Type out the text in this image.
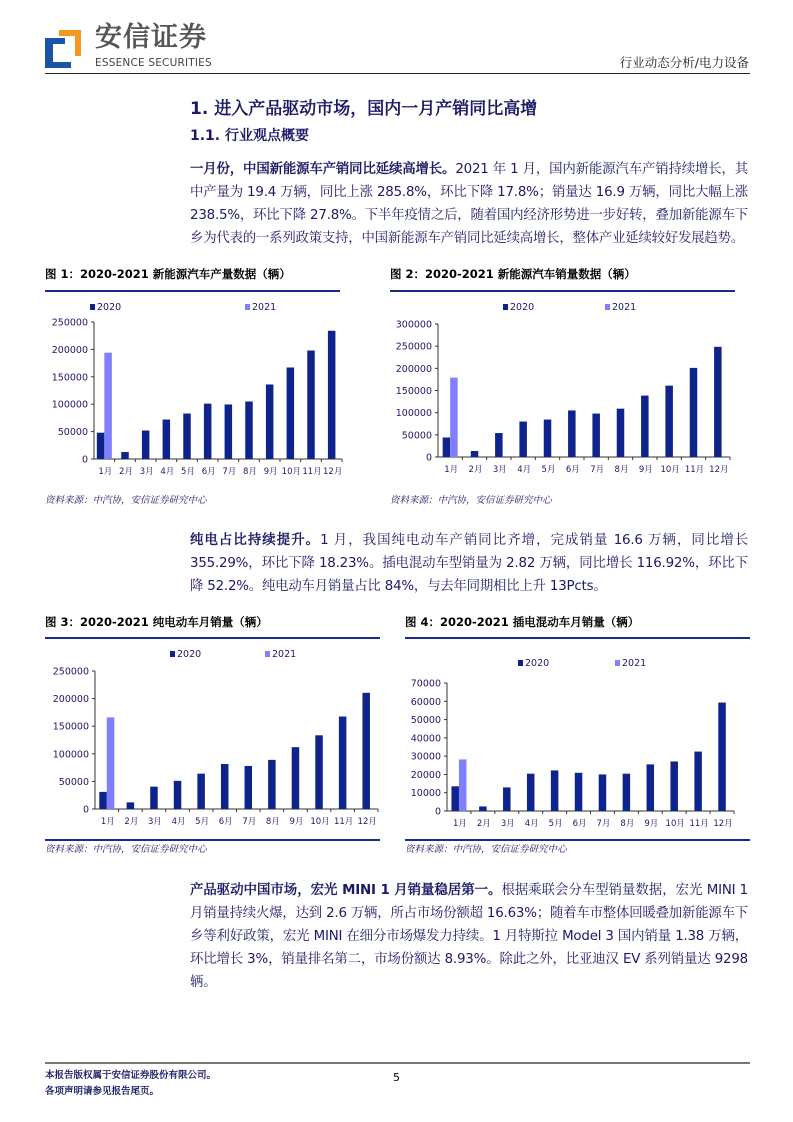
安信证券
ESSENCE SECURITIES	行业动态分析/电力设备
1. 进入产品驱动市场，国内一月产销同比高增
1.1. 行业观点概要
一月份，中国新能源车产销同比延续高增长。2021 年 1 月，国内新能源汽车产销持续增长，其中产量为 19.4 万辆，同比上涨 285.8%，环比下降 17.8%；销量达 16.9 万辆，同比大幅上涨 238.5%，环比下降 27.8%。下半年疫情之后，随着国内经济形势进一步好转，叠加新能源车下乡为代表的一系列政策支持，中国新能源车产销同比延续高增长，整体产业延续较好发展趋势。
图 1：2020-2021 新能源汽车产量数据（辆）
2020	2021
0
50000
100000
150000
200000
250000
1月 2月 3月 4月 5月 6月 7月 8月 9月 10月 11月 12月
资料来源：中汽协，安信证券研究中心
图 2：2020-2021 新能源汽车销量数据（辆）
2020	2021
0
50000
100000
150000
200000
250000
300000
1月 2月 3月 4月 5月 6月 7月 8月 9月 10月 11月 12月
资料来源：中汽协，安信证券研究中心
纯电占比持续提升。1 月，我国纯电动车产销同比齐增，完成销量 16.6 万辆，同比增长 355.29%，环比下降 18.23%。插电混动车型销量为 2.82 万辆，同比增长 116.92%，环比下降 52.2%。纯电动车月销量占比 84%，与去年同期相比上升 13Pcts。
图 3：2020-2021 纯电动车月销量（辆）
2020	2021
0
50000
100000
150000
200000
250000
1月 2月 3月 4月 5月 6月 7月 8月 9月 10月 11月 12月
资料来源：中汽协，安信证券研究中心
图 4：2020-2021 插电混动车月销量（辆）
2020	2021
0
10000
20000
30000
40000
50000
60000
70000
1月 2月 3月 4月 5月 6月 7月 8月 9月 10月 11月 12月
资料来源：中汽协，安信证券研究中心
产品驱动中国市场，宏光 MINI 1 月销量稳居第一。根据乘联会分车型销量数据，宏光 MINI 1 月销量持续火爆，达到 2.6 万辆，所占市场份额超 16.63%；随着车市整体回暖叠加新能源车下乡等利好政策，宏光 MINI 在细分市场爆发力持续。1 月特斯拉 Model 3 国内销量 1.38 万辆，环比增长 3%，销量排名第二，市场份额达 8.93%。除此之外，比亚迪汉 EV 系列销量达 9298 辆。
本报告版权属于安信证券股份有限公司。
各项声明请参见报告尾页。
5
